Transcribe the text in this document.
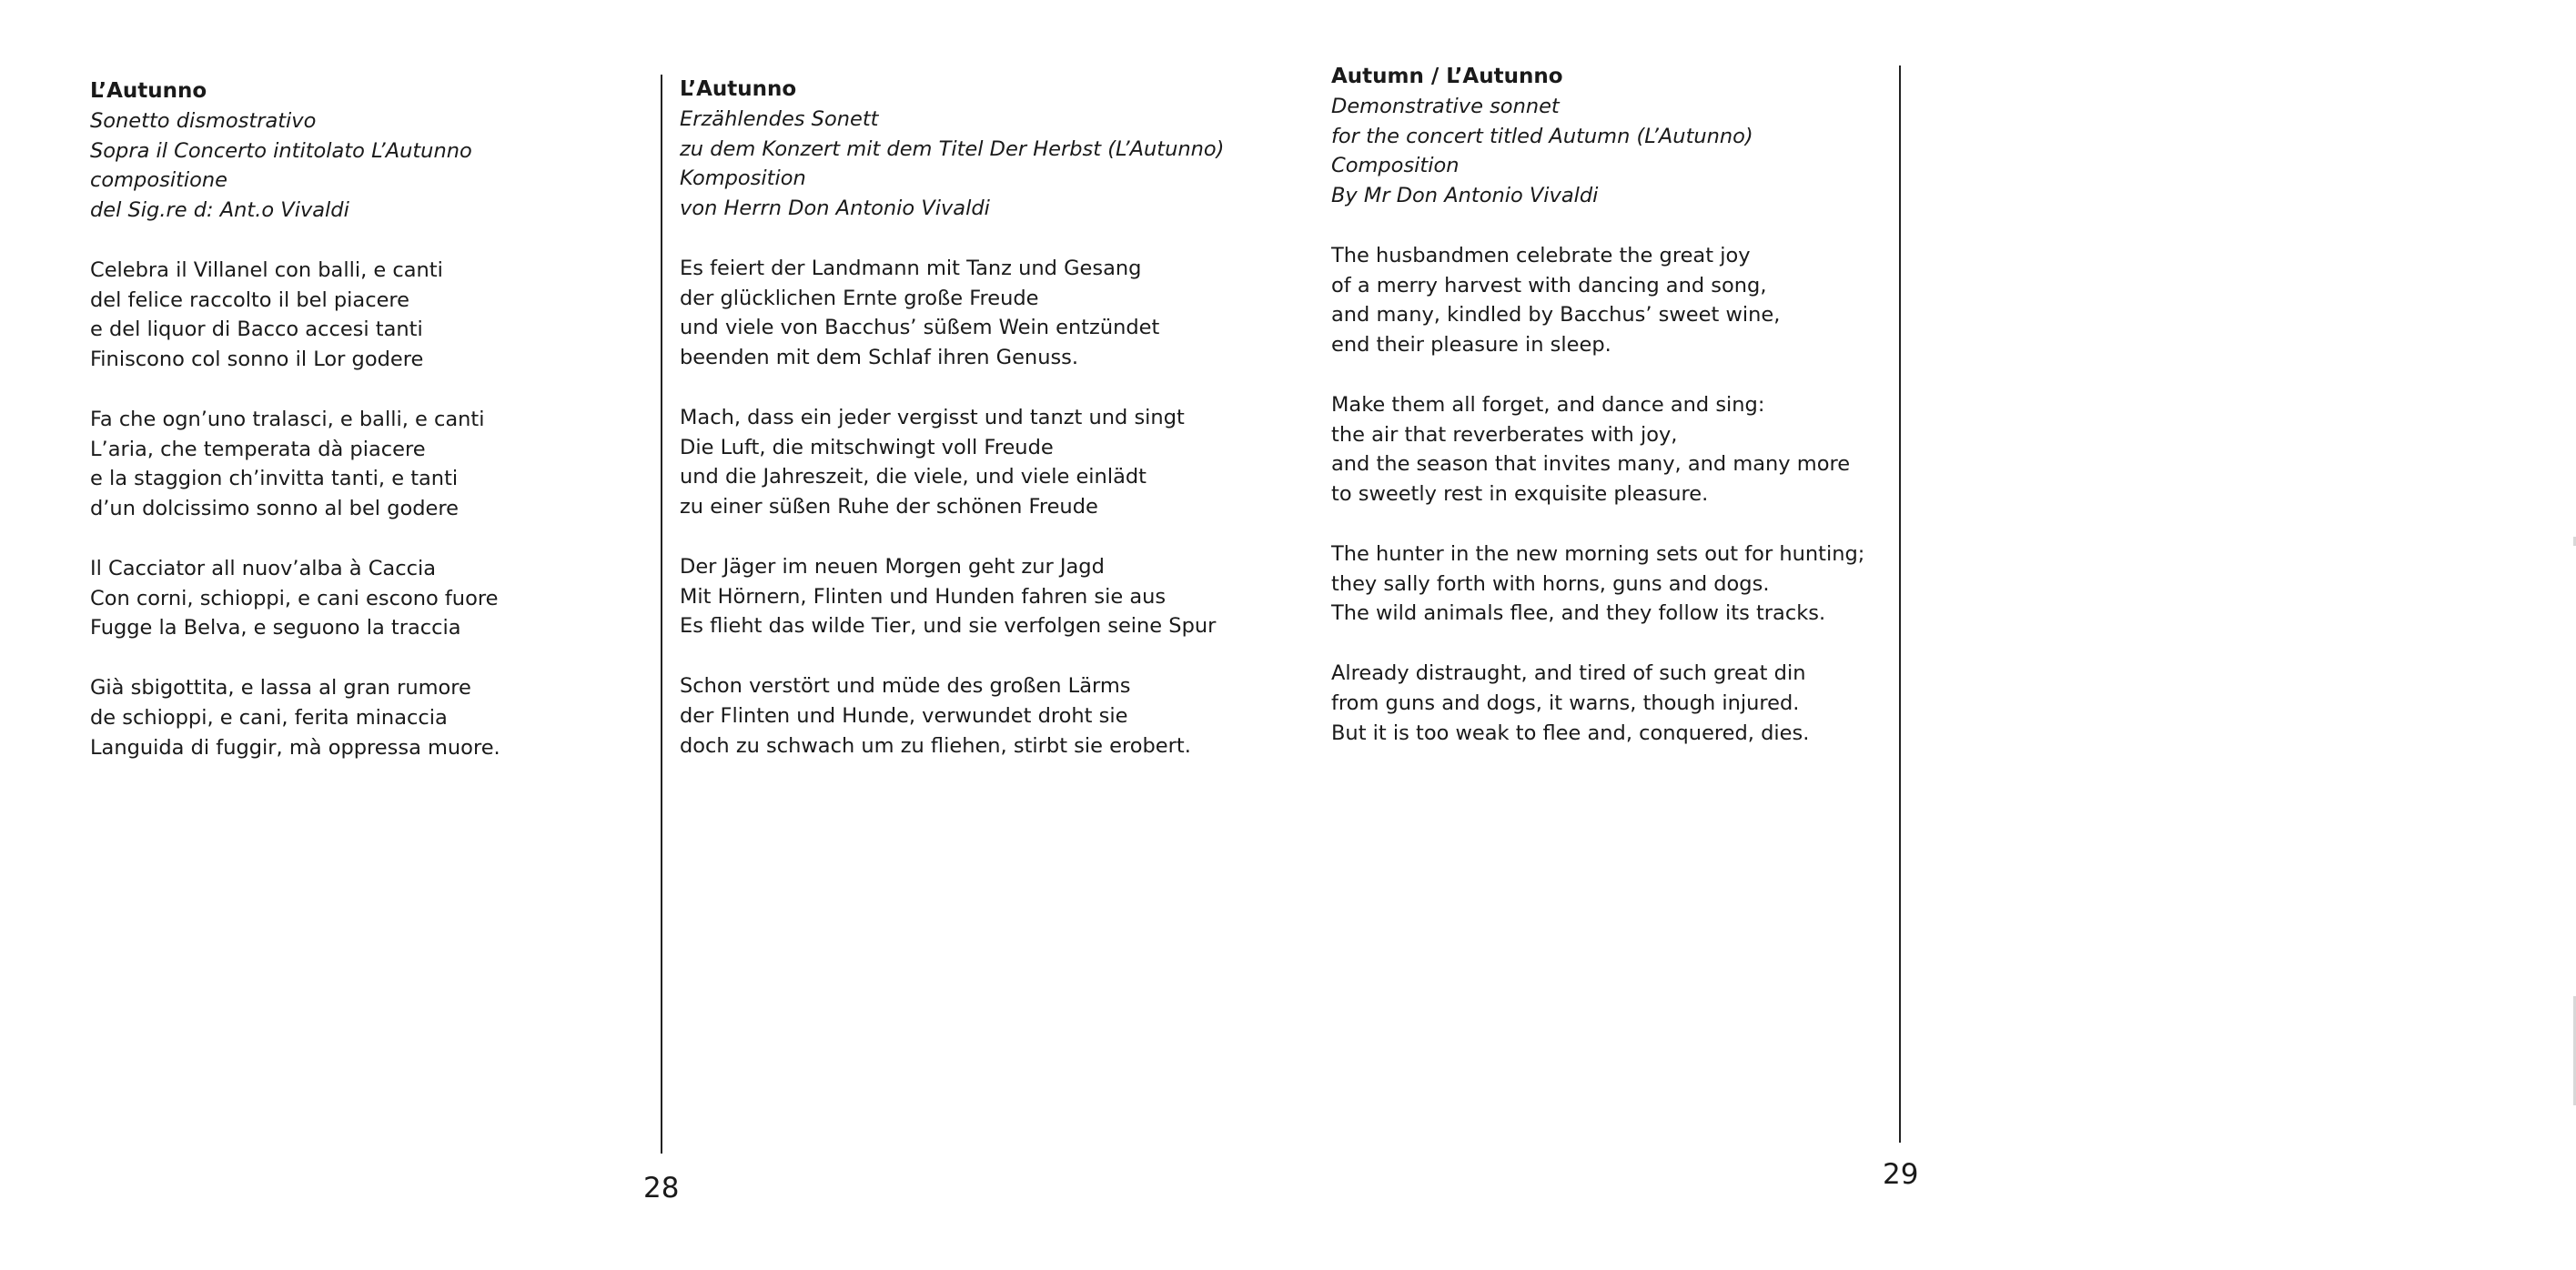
L’Autunno
Sonetto dismostrativo
Sopra il Concerto intitolato L’Autunno
compositione
del Sig.re d: Ant.o Vivaldi
Celebra il Villanel con balli, e canti
del felice raccolto il bel piacere
e del liquor di Bacco accesi tanti
Finiscono col sonno il Lor godere
Fa che ogn’uno tralasci, e balli, e canti
L’aria, che temperata dà piacere
e la staggion ch’invitta tanti, e tanti
d’un dolcissimo sonno al bel godere
Il Cacciator all nuov’alba à Caccia
Con corni, schioppi, e cani escono fuore
Fugge la Belva, e seguono la traccia
Già sbigottita, e lassa al gran rumore
de schioppi, e cani, ferita minaccia
Languida di fuggir, mà oppressa muore.
L’Autunno
Erzählendes Sonett
zu dem Konzert mit dem Titel Der Herbst (L’Autunno)
Komposition
von Herrn Don Antonio Vivaldi
Es feiert der Landmann mit Tanz und Gesang
der glücklichen Ernte große Freude
und viele von Bacchus’ süßem Wein entzündet
beenden mit dem Schlaf ihren Genuss.
Mach, dass ein jeder vergisst und tanzt und singt
Die Luft, die mitschwingt voll Freude
und die Jahreszeit, die viele, und viele einlädt
zu einer süßen Ruhe der schönen Freude
Der Jäger im neuen Morgen geht zur Jagd
Mit Hörnern, Flinten und Hunden fahren sie aus
Es flieht das wilde Tier, und sie verfolgen seine Spur
Schon verstört und müde des großen Lärms
der Flinten und Hunde, verwundet droht sie
doch zu schwach um zu fliehen, stirbt sie erobert.
28
Autumn / L’Autunno
Demonstrative sonnet
for the concert titled Autumn (L’Autunno)
Composition
By Mr Don Antonio Vivaldi
The husbandmen celebrate the great joy
of a merry harvest with dancing and song,
and many, kindled by Bacchus’ sweet wine,
end their pleasure in sleep.
Make them all forget, and dance and sing:
the air that reverberates with joy,
and the season that invites many, and many more
to sweetly rest in exquisite pleasure.
The hunter in the new morning sets out for hunting;
they sally forth with horns, guns and dogs.
The wild animals flee, and they follow its tracks.
Already distraught, and tired of such great din
from guns and dogs, it warns, though injured.
But it is too weak to flee and, conquered, dies.
29
